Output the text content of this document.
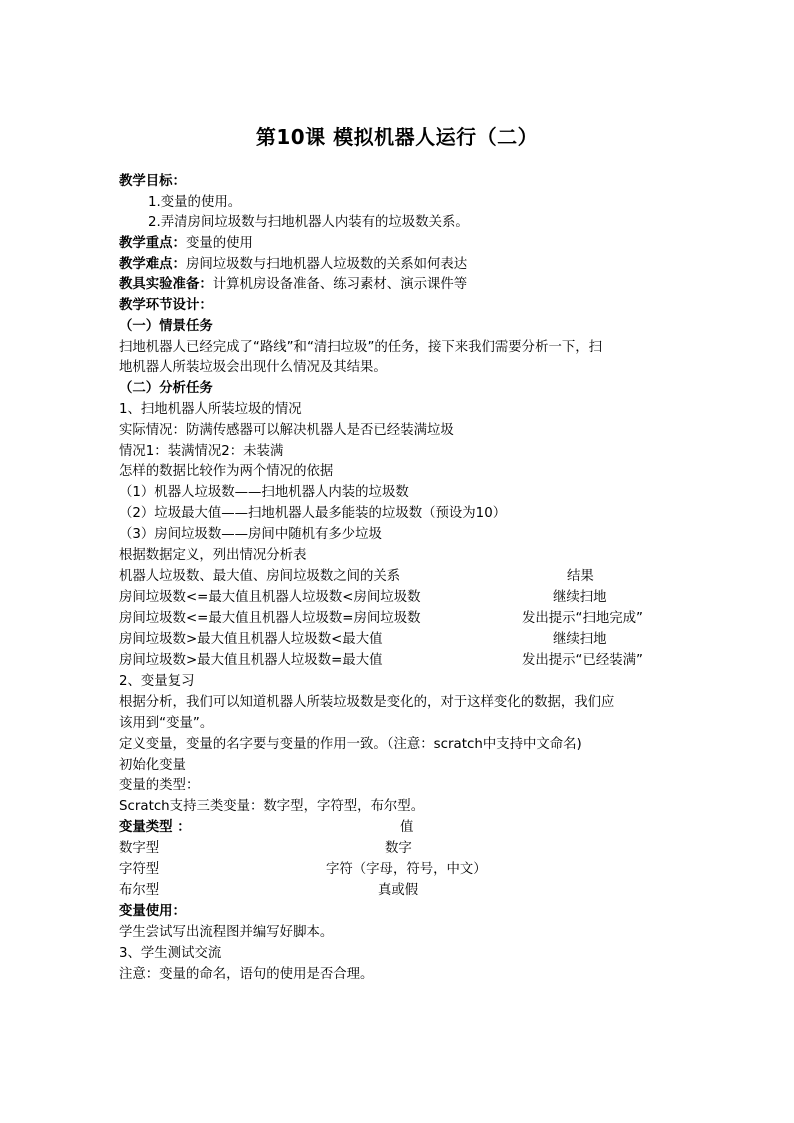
第10课 模拟机器人运行（二）
教学目标：
1.变量的使用。
2.弄清房间垃圾数与扫地机器人内装有的垃圾数关系。
教学重点：变量的使用
教学难点：房间垃圾数与扫地机器人垃圾数的关系如何表达
教具实验准备：计算机房设备准备、练习素材、演示课件等
教学环节设计：
（一）情景任务
扫地机器人已经完成了“路线”和“清扫垃圾”的任务，接下来我们需要分析一下，扫
地机器人所装垃圾会出现什么情况及其结果。
（二）分析任务
1、扫地机器人所装垃圾的情况
实际情况：防满传感器可以解决机器人是否已经装满垃圾
情况1：装满情况2：未装满
怎样的数据比较作为两个情况的依据
（1）机器人垃圾数——扫地机器人内装的垃圾数
（2）垃圾最大值——扫地机器人最多能装的垃圾数（预设为10）
（3）房间垃圾数——房间中随机有多少垃圾
根据数据定义，列出情况分析表
机器人垃圾数、最大值、房间垃圾数之间的关系	结果
房间垃圾数<=最大值且机器人垃圾数<房间垃圾数	继续扫地
房间垃圾数<=最大值且机器人垃圾数=房间垃圾数	发出提示“扫地完成”
房间垃圾数>最大值且机器人垃圾数<最大值	继续扫地
房间垃圾数>最大值且机器人垃圾数=最大值	发出提示“已经装满”
2、变量复习
根据分析，我们可以知道机器人所装垃圾数是变化的，对于这样变化的数据，我们应
该用到“变量”。
定义变量，变量的名字要与变量的作用一致。（注意：scratch中支持中文命名)
初始化变量
变量的类型：
Scratch支持三类变量：数字型，字符型，布尔型。
变量类型 ：	值
数字型	数字
字符型	字符（字母，符号，中文）
布尔型	真或假
变量使用：
学生尝试写出流程图并编写好脚本。
3、学生测试交流
注意：变量的命名，语句的使用是否合理。
